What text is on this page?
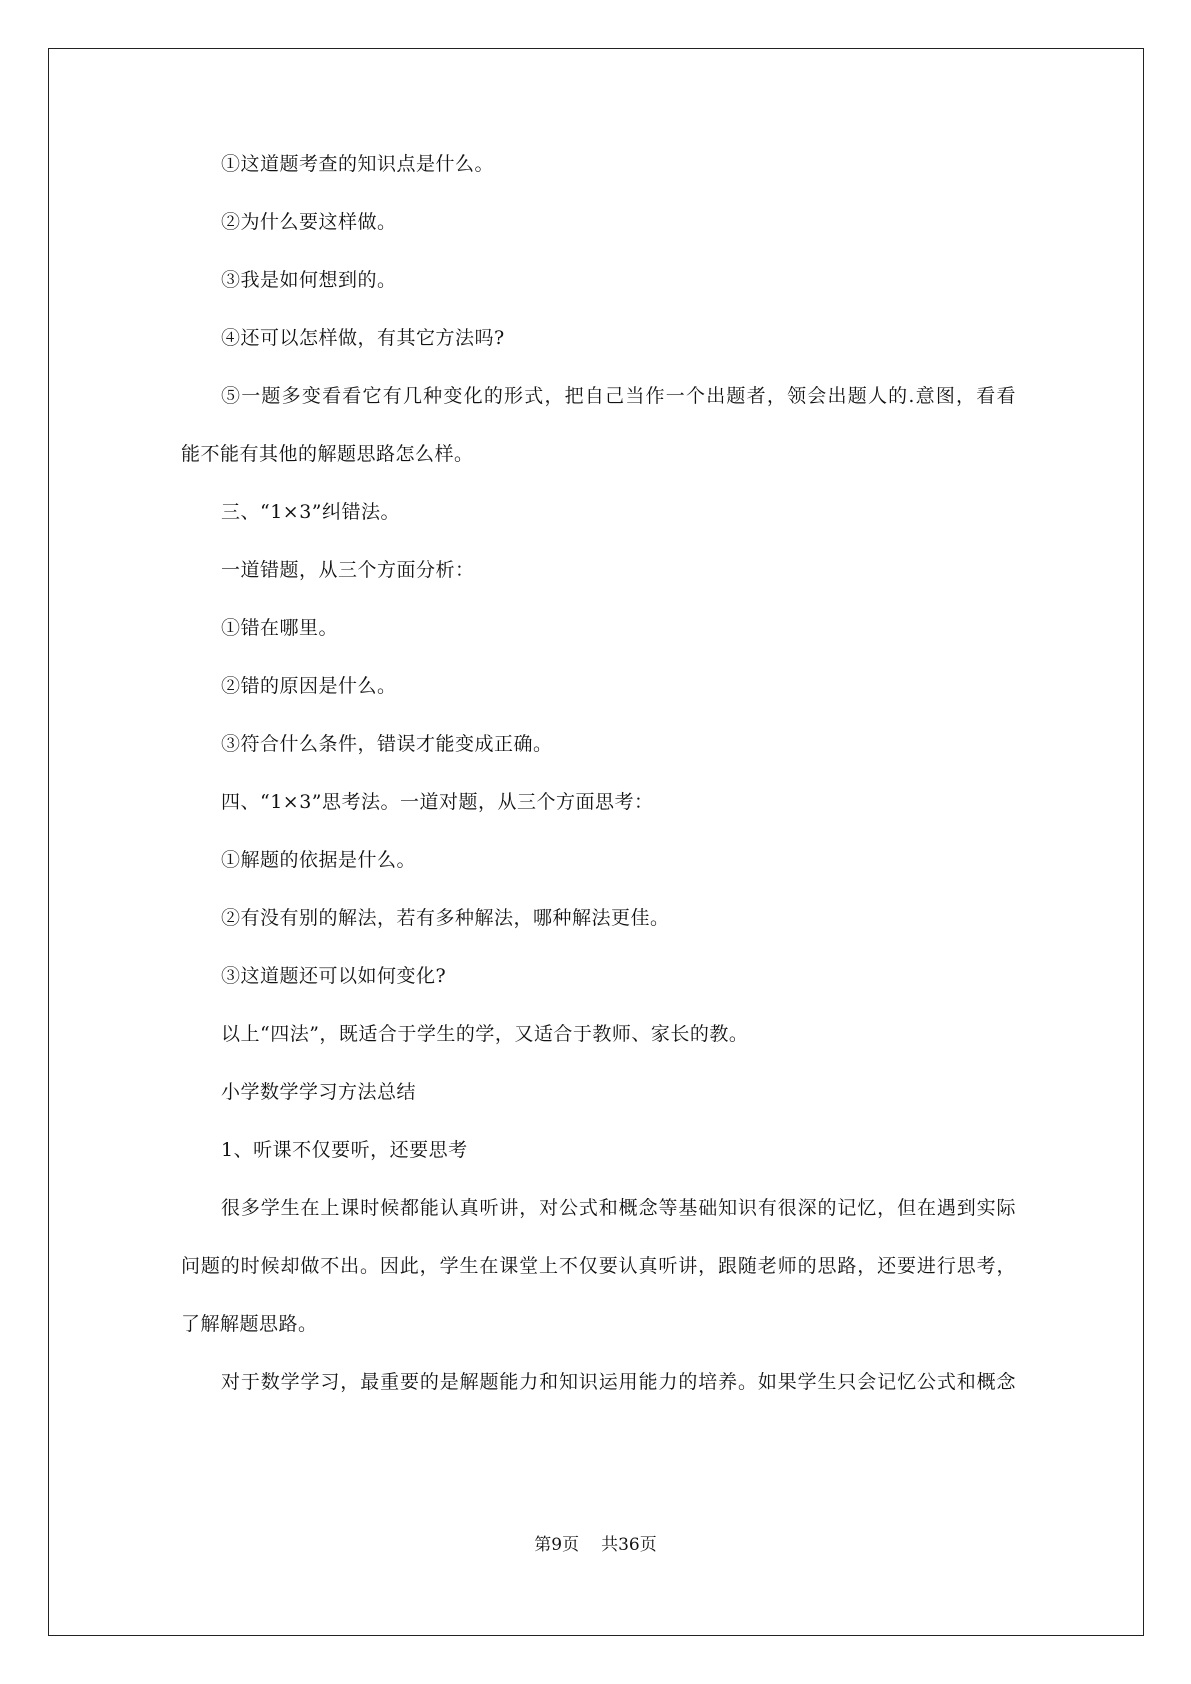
①这道题考查的知识点是什么。
②为什么要这样做。
③我是如何想到的。
④还可以怎样做，有其它方法吗?
⑤一题多变看看它有几种变化的形式，把自己当作一个出题者，领会出题人的.意图，看看
能不能有其他的解题思路怎么样。
三、“1×3”纠错法。
一道错题，从三个方面分析：
①错在哪里。
②错的原因是什么。
③符合什么条件，错误才能变成正确。
四、“1×3”思考法。一道对题，从三个方面思考：
①解题的依据是什么。
②有没有别的解法，若有多种解法，哪种解法更佳。
③这道题还可以如何变化?
以上“四法”，既适合于学生的学，又适合于教师、家长的教。
小学数学学习方法总结
1、听课不仅要听，还要思考
很多学生在上课时候都能认真听讲，对公式和概念等基础知识有很深的记忆，但在遇到实际
问题的时候却做不出。因此，学生在课堂上不仅要认真听讲，跟随老师的思路，还要进行思考，
了解解题思路。
对于数学学习，最重要的是解题能力和知识运用能力的培养。如果学生只会记忆公式和概念
第9页 共36页
